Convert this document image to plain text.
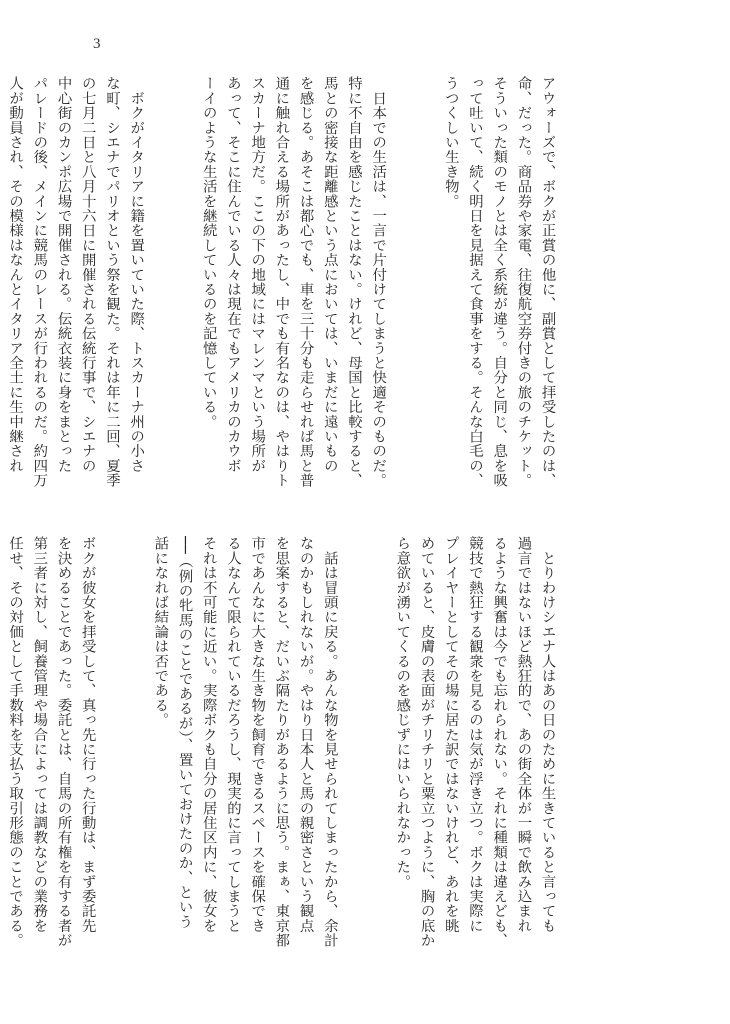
3

アウォーズで、ボクが正賞の他に、副賞として拝受したのは、
命、だった。商品券や家電、往復航空券付きの旅のチケット。
そういった類のモノとは全く系統が違う。自分と同じ、息を吸
って吐いて、続く明日を見据えて食事をする。そんな白毛の、
うつくしい生き物。

　日本での生活は、一言で片付けてしまうと快適そのものだ。
特に不自由を感じたことはない。けれど、母国と比較すると、
馬との密接な距離感という点においては、いまだに遠いもの
を感じる。あそこは都心でも、車を三十分も走らせれば馬と普
通に触れ合える場所があったし、中でも有名なのは、やはりト
スカーナ地方だ。ここの下の地域にはマレンマという場所が
あって、そこに住んでいる人々は現在でもアメリカのカウボ
ーイのような生活を継続しているのを記憶している。

　ボクがイタリアに籍を置いていた際、トスカーナ州の小さ
な町、シエナでパリオという祭を観た。それは年に二回、夏季
の七月二日と八月十六日に開催される伝統行事で、シエナの
中心街のカンポ広場で開催される。伝統衣装に身をまとった
パレードの後、メインに競馬のレースが行われるのだ。約四万
人が動員され、その模様はなんとイタリア全土に生中継され

　とりわけシエナ人はあの日のために生きていると言っても
過言ではないほど熱狂的で、あの街全体が一瞬で飲み込まれ
るような興奮は今でも忘れられない。それに種類は違えども、
競技で熱狂する観衆を見るのは気が浮き立つ。ボクは実際に
プレイヤーとしてその場に居た訳ではないけれど、あれを眺
めていると、皮膚の表面がチリチリと粟立つように、胸の底か
ら意欲が湧いてくるのを感じずにはいられなかった。

　話は冒頭に戻る。あんな物を見せられてしまったから、余計
なのかもしれないが。やはり日本人と馬の親密さという観点
を思案すると、だいぶ隔たりがあるように思う。まぁ、東京都
市であんなに大きな生き物を飼育できるスペースを確保でき
る人なんて限られているだろうし、現実的に言ってしまうと
それは不可能に近い。実際ボクも自分の居住区内に、彼女を
──（例の牝馬のことであるが）、置いておけたのか、という
話になれば結論は否である。

ボクが彼女を拝受して、真っ先に行った行動は、まず委託先
を決めることであった。委託とは、自馬の所有権を有する者が
第三者に対し、飼養管理や場合によっては調教などの業務を
任せ、その対価として手数料を支払う取引形態のことである。
